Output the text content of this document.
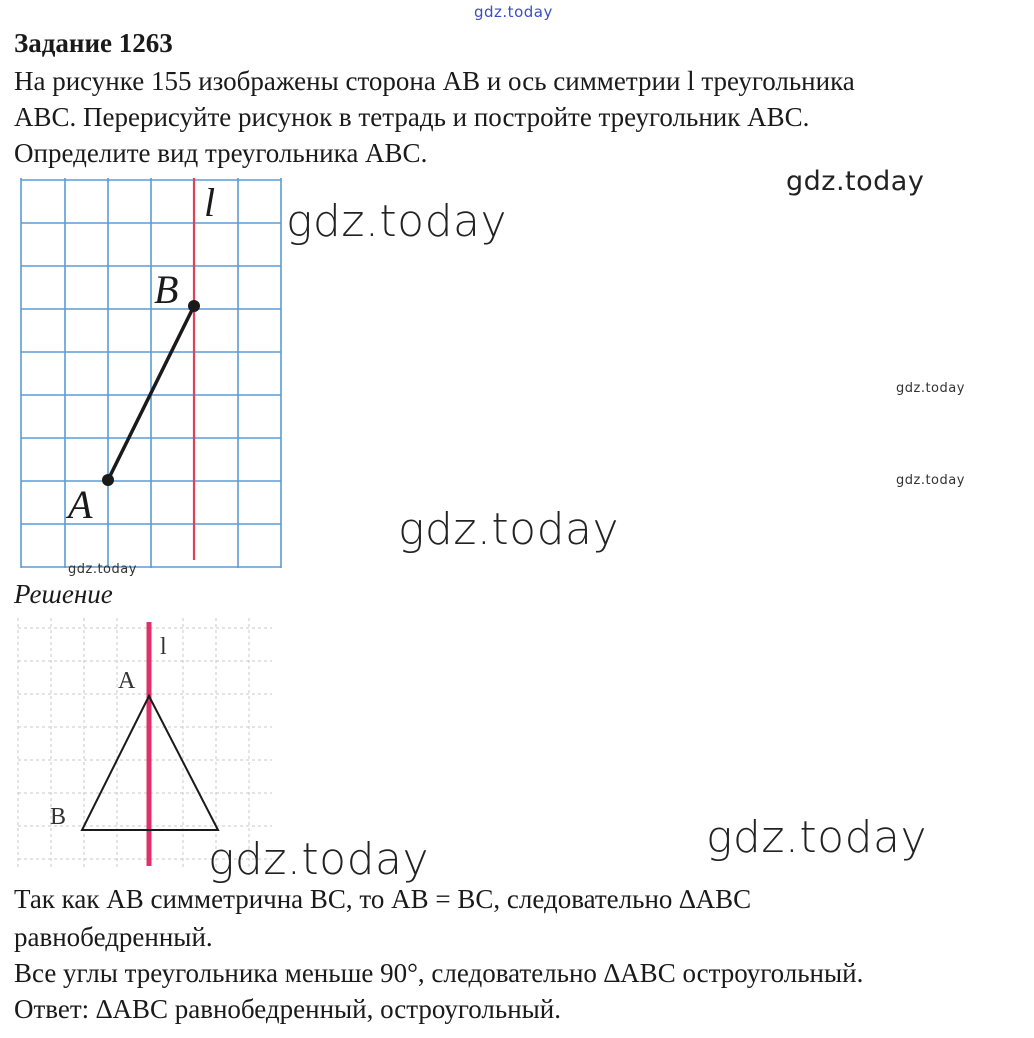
gdz.today
Задание 1263
На рисунке 155 изображены сторона АВ и ось симметрии l треугольника
АВС. Перерисуйте рисунок в тетрадь и постройте треугольник АВС.
Определите вид треугольника АВС.
l
B
A
gdz.today
gdz.today
gdz.today
gdz.today
gdz.today
gdz.today
Решение
l
A
B	gdz.today
gdz.today
Так как АВ симметрична ВС, то АВ = ВС, следовательно ∆АВС
равнобедренный.
Все углы треугольника меньше 90°, следовательно ∆АВС остроугольный.
Ответ: ∆АВС равнобедренный, остроугольный.
